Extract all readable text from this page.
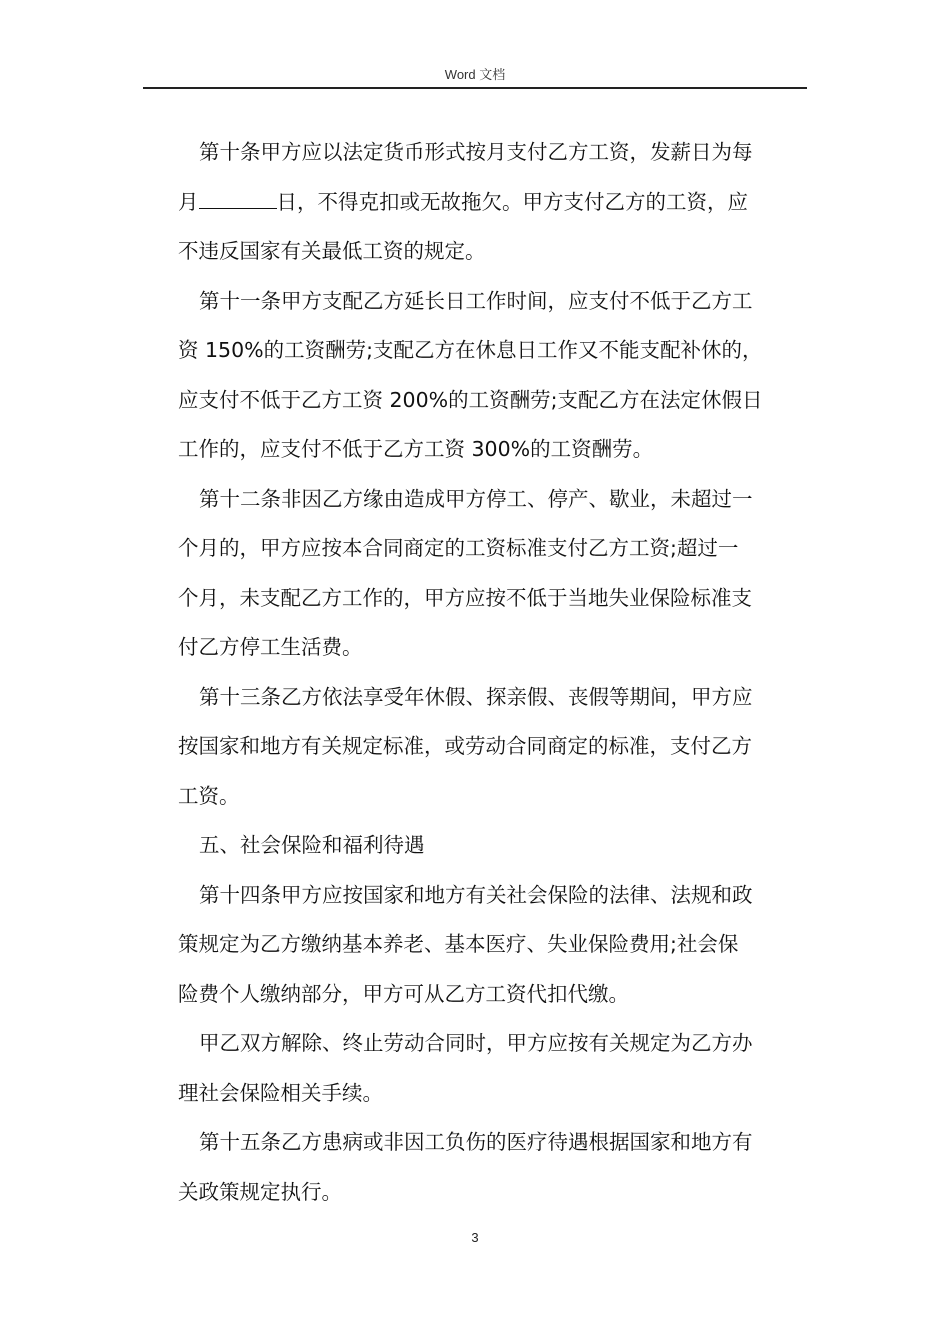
Word 文档

第十条甲方应以法定货币形式按月支付乙方工资，发薪日为每
月	日，不得克扣或无故拖欠。甲方支付乙方的工资，应
不违反国家有关最低工资的规定。

第十一条甲方支配乙方延长日工作时间，应支付不低于乙方工
资 150%的工资酬劳;支配乙方在休息日工作又不能支配补休的，
应支付不低于乙方工资 200%的工资酬劳;支配乙方在法定休假日
工作的，应支付不低于乙方工资 300%的工资酬劳。

第十二条非因乙方缘由造成甲方停工、停产、歇业，未超过一
个月的，甲方应按本合同商定的工资标准支付乙方工资;超过一
个月，未支配乙方工作的，甲方应按不低于当地失业保险标准支
付乙方停工生活费。

第十三条乙方依法享受年休假、探亲假、丧假等期间，甲方应
按国家和地方有关规定标准，或劳动合同商定的标准，支付乙方
工资。

五、社会保险和福利待遇

第十四条甲方应按国家和地方有关社会保险的法律、法规和政
策规定为乙方缴纳基本养老、基本医疗、失业保险费用;社会保
险费个人缴纳部分，甲方可从乙方工资代扣代缴。

甲乙双方解除、终止劳动合同时，甲方应按有关规定为乙方办
理社会保险相关手续。

第十五条乙方患病或非因工负伤的医疗待遇根据国家和地方有
关政策规定执行。

3
